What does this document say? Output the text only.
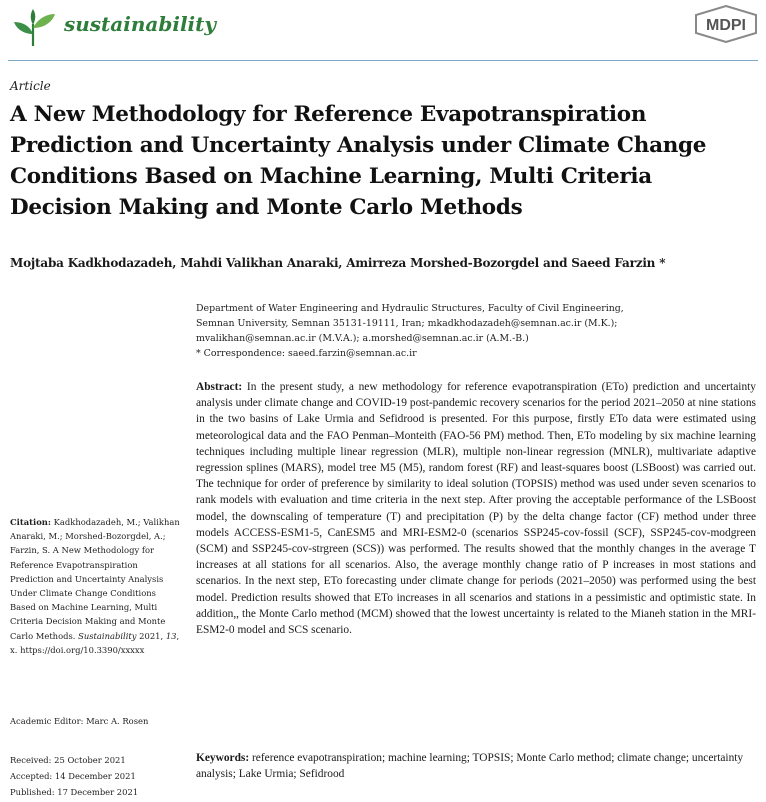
sustainability	MDPI
Article
A New Methodology for Reference Evapotranspiration
Prediction and Uncertainty Analysis under Climate Change
Conditions Based on Machine Learning, Multi Criteria
Decision Making and Monte Carlo Methods
Mojtaba Kadkhodazadeh, Mahdi Valikhan Anaraki, Amirreza Morshed-Bozorgdel and Saeed Farzin *
Department of Water Engineering and Hydraulic Structures, Faculty of Civil Engineering,
Semnan University, Semnan 35131-19111, Iran; mkadkhodazadeh@semnan.ac.ir (M.K.);
mvalikhan@semnan.ac.ir (M.V.A.); a.morshed@semnan.ac.ir (A.M.-B.)
* Correspondence: saeed.farzin@semnan.ac.ir
Abstract: In the present study, a new methodology for reference evapotranspiration (ETo) prediction and uncertainty analysis under climate change and COVID-19 post-pandemic recovery scenarios for the period 2021–2050 at nine stations in the two basins of Lake Urmia and Sefidrood is presented. For this purpose, firstly ETo data were estimated using meteorological data and the FAO Penman–Monteith (FAO-56 PM) method. Then, ETo modeling by six machine learning techniques including multiple linear regression (MLR), multiple non-linear regression (MNLR), multivariate adaptive regression splines (MARS), model tree M5 (M5), random forest (RF) and least-squares boost (LSBoost) was carried out. The technique for order of preference by similarity to ideal solution (TOPSIS) method was used under seven scenarios to rank models with evaluation and time criteria in the next step. After proving the acceptable performance of the LSBoost model, the downscaling of temperature (T) and precipitation (P) by the delta change factor (CF) method under three models ACCESS-ESM1-5, CanESM5 and MRI-ESM2-0 (scenarios SSP245-cov-fossil (SCF), SSP245-cov-modgreen (SCM) and SSP245-cov-strgreen (SCS)) was performed. The results showed that the monthly changes in the average T increases at all stations for all scenarios. Also, the average monthly change ratio of P increases in most stations and scenarios. In the next step, ETo forecasting under climate change for periods (2021–2050) was performed using the best model. Prediction results showed that ETo increases in all scenarios and stations in a pessimistic and optimistic state. In addition,, the Monte Carlo method (MCM) showed that the lowest uncertainty is related to the Mianeh station in the MRI-ESM2-0 model and SCS scenario.
Keywords: reference evapotranspiration; machine learning; TOPSIS; Monte Carlo method; climate change; uncertainty analysis; Lake Urmia; Sefidrood
Citation: Kadkhodazadeh, M.; Valikhan Anaraki, M.; Morshed-Bozorgdel, A.; Farzin, S. A New Methodology for Reference Evapotranspiration Prediction and Uncertainty Analysis Under Climate Change Conditions Based on Machine Learning, Multi Criteria Decision Making and Monte Carlo Methods. Sustainability 2021, 13, x. https://doi.org/10.3390/xxxxx
Academic Editor: Marc A. Rosen
Received: 25 October 2021
Accepted: 14 December 2021
Published: 17 December 2021
